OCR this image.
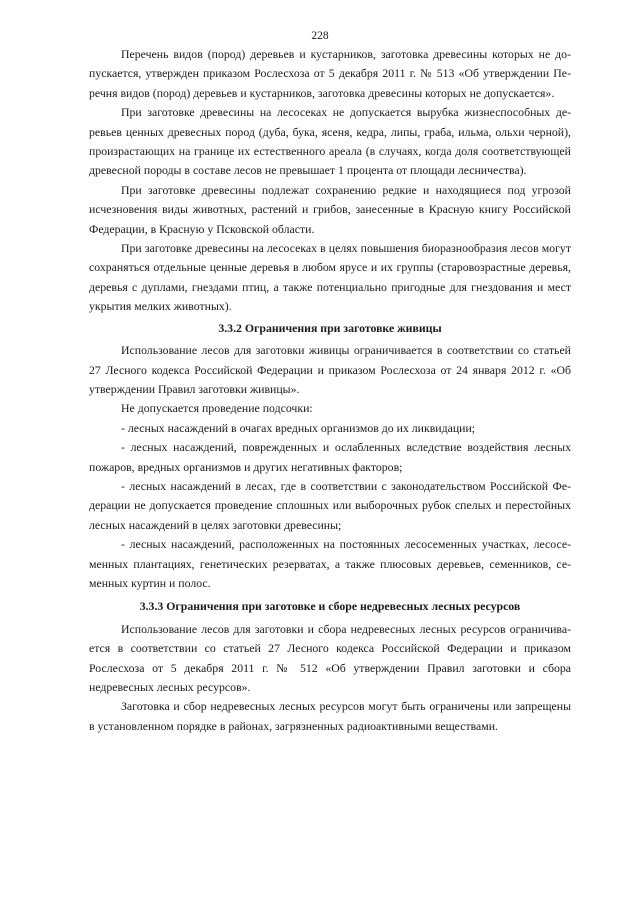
228

Перечень видов (пород) деревьев и кустарников, заготовка древесины которых не допускается, утвержден приказом Рослесхоза от 5 декабря 2011 г. № 513 «Об утверждении Перечня видов (пород) деревьев и кустарников, заготовка древесины которых не допускается».

При заготовке древесины на лесосеках не допускается вырубка жизнеспособных деревьев ценных древесных пород (дуба, бука, ясеня, кедра, липы, граба, ильма, ольхи черной), произрастающих на границе их естественного ареала (в случаях, когда доля соответствующей древесной породы в составе лесов не превышает 1 процента от площади лесничества).

При заготовке древесины подлежат сохранению редкие и находящиеся под угрозой исчезновения виды животных, растений и грибов, занесенные в Красную книгу Российской Федерации, в Красную у Псковской области.

При заготовке древесины на лесосеках в целях повышения биоразнообразия лесов могут сохраняться отдельные ценные деревья в любом ярусе и их группы (старовозрастные деревья, деревья с дуплами, гнездами птиц, а также потенциально пригодные для гнездования и мест укрытия мелких животных).

3.3.2 Ограничения при заготовке живицы

Использование лесов для заготовки живицы ограничивается в соответствии со статьей 27 Лесного кодекса Российской Федерации и приказом Рослесхоза от 24 января 2012 г. «Об утверждении Правил заготовки живицы».

Не допускается проведение подсочки:

- лесных насаждений в очагах вредных организмов до их ликвидации;

- лесных насаждений, поврежденных и ослабленных вследствие воздействия лесных пожаров, вредных организмов и других негативных факторов;

- лесных насаждений в лесах, где в соответствии с законодательством Российской Федерации не допускается проведение сплошных или выборочных рубок спелых и перестойных лесных насаждений в целях заготовки древесины;

- лесных насаждений, расположенных на постоянных лесосеменных участках, лесосеменных плантациях, генетических резерватах, а также плюсовых деревьев, семенников, семенных куртин и полос.

3.3.3 Ограничения при заготовке и сборе недревесных лесных ресурсов

Использование лесов для заготовки и сбора недревесных лесных ресурсов ограничивается в соответствии со статьей 27 Лесного кодекса Российской Федерации и приказом Рослесхоза от 5 декабря 2011 г. № 512 «Об утверждении Правил заготовки и сбора недревесных лесных ресурсов».

Заготовка и сбор недревесных лесных ресурсов могут быть ограничены или запрещены в установленном порядке в районах, загрязненных радиоактивными веществами.
